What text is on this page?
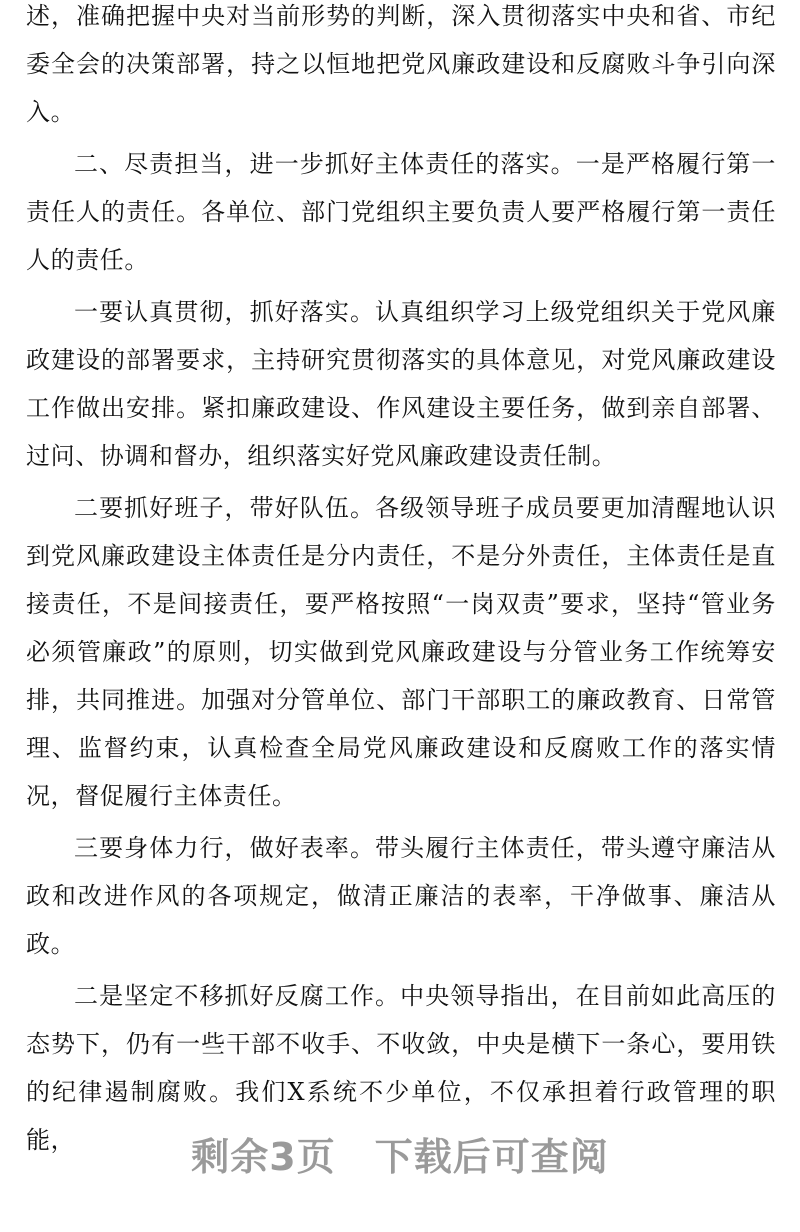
述，准确把握中央对当前形势的判断，深入贯彻落实中央和省、市纪委全会的决策部署，持之以恒地把党风廉政建设和反腐败斗争引向深入。

二、尽责担当，进一步抓好主体责任的落实。一是严格履行第一责任人的责任。各单位、部门党组织主要负责人要严格履行第一责任人的责任。

一要认真贯彻，抓好落实。认真组织学习上级党组织关于党风廉政建设的部署要求，主持研究贯彻落实的具体意见，对党风廉政建设工作做出安排。紧扣廉政建设、作风建设主要任务，做到亲自部署、过问、协调和督办，组织落实好党风廉政建设责任制。

二要抓好班子，带好队伍。各级领导班子成员要更加清醒地认识到党风廉政建设主体责任是分内责任，不是分外责任，主体责任是直接责任，不是间接责任，要严格按照“一岗双责”要求，坚持“管业务必须管廉政”的原则，切实做到党风廉政建设与分管业务工作统筹安排，共同推进。加强对分管单位、部门干部职工的廉政教育、日常管理、监督约束，认真检查全局党风廉政建设和反腐败工作的落实情况，督促履行主体责任。

三要身体力行，做好表率。带头履行主体责任，带头遵守廉洁从政和改进作风的各项规定，做清正廉洁的表率，干净做事、廉洁从政。

二是坚定不移抓好反腐工作。中央领导指出，在目前如此高压的态势下，仍有一些干部不收手、不收敛，中央是横下一条心，要用铁的纪律遏制腐败。我们X系统不少单位，不仅承担着行政管理的职能，	剩余3页　下载后可查阅
